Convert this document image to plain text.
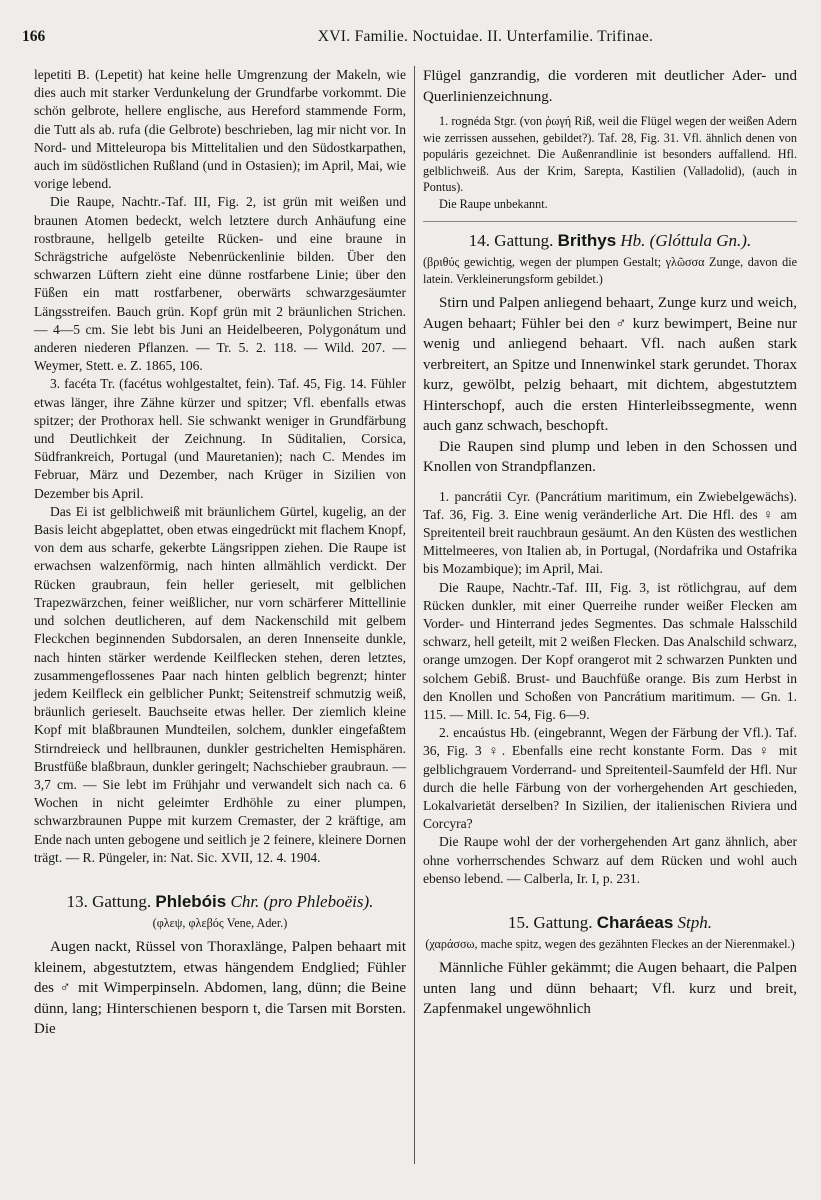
166	XVI. Familie. Noctuidae. II. Unterfamilie. Trifinae.

lepetiti B. (Lepetit) hat keine helle Umgrenzung der Makeln, wie dies auch mit starker Verdunkelung der Grundfarbe vorkommt. Die schön gelbrote, hellere englische, aus Hereford stammende Form, die Tutt als ab. rufa (die Gelbrote) beschrieben, lag mir nicht vor. In Nord- und Mitteleuropa bis Mittelitalien und den Südostkarpathen, auch im südöstlichen Rußland (und in Ostasien); im April, Mai, wie vorige lebend.

Die Raupe, Nachtr.-Taf. III, Fig. 2, ist grün mit weißen und braunen Atomen bedeckt, welch letztere durch Anhäufung eine rostbraune, hellgelb geteilte Rücken- und eine braune in Schrägstriche aufgelöste Nebenrückenlinie bilden. Über den schwarzen Lüftern zieht eine dünne rostfarbene Linie; über den Füßen ein matt rostfarbener, oberwärts schwarzgesäumter Längsstreifen. Bauch grün. Kopf grün mit 2 bräunlichen Strichen. — 4—5 cm. Sie lebt bis Juni an Heidelbeeren, Polygonátum und anderen niederen Pflanzen. — Tr. 5. 2. 118. — Wild. 207. — Weymer, Stett. e. Z. 1865, 106.

3. facéta Tr. (facétus wohlgestaltet, fein). Taf. 45, Fig. 14. Fühler etwas länger, ihre Zähne kürzer und spitzer; Vfl. ebenfalls etwas spitzer; der Prothorax hell. Sie schwankt weniger in Grundfärbung und Deutlichkeit der Zeichnung. In Süditalien, Corsica, Südfrankreich, Portugal (und Mauretanien); nach C. Mendes im Februar, März und Dezember, nach Krüger in Sizilien von Dezember bis April.

Das Ei ist gelblichweiß mit bräunlichem Gürtel, kugelig, an der Basis leicht abgeplattet, oben etwas eingedrückt mit flachem Knopf, von dem aus scharfe, gekerbte Längsrippen ziehen. Die Raupe ist erwachsen walzenförmig, nach hinten allmählich verdickt. Der Rücken graubraun, fein heller gerieselt, mit gelblichen Trapezwärzchen, feiner weißlicher, nur vorn schärferer Mittellinie und solchen deutlicheren, auf dem Nackenschild mit gelbem Fleckchen beginnenden Subdorsalen, an deren Innenseite dunkle, nach hinten stärker werdende Keilflecken stehen, deren letztes, zusammengeflossenes Paar nach hinten gelblich begrenzt; hinter jedem Keilfleck ein gelblicher Punkt; Seitenstreif schmutzig weiß, bräunlich gerieselt. Bauchseite etwas heller. Der ziemlich kleine Kopf mit blaßbraunen Mundteilen, solchem, dunkler eingefaßtem Stirndreieck und hellbraunen, dunkler gestrichelten Hemisphären. Brustfüße blaßbraun, dunkler geringelt; Nachschieber graubraun. — 3,7 cm. — Sie lebt im Frühjahr und verwandelt sich nach ca. 6 Wochen in nicht geleimter Erdhöhle zu einer plumpen, schwarzbraunen Puppe mit kurzem Cremaster, der 2 kräftige, am Ende nach unten gebogene und seitlich je 2 feinere, kleinere Dornen trägt. — R. Püngeler, in: Nat. Sic. XVII, 12. 4. 1904.

13. Gattung. Phlebóis Chr. (pro Phleboëis).

(φλεψ, φλεβός Vene, Ader.)

Augen nackt, Rüssel von Thoraxlänge, Palpen behaart mit kleinem, abgestutztem, etwas hängendem Endglied; Fühler des ♂ mit Wimperpinseln. Abdomen, lang, dünn; die Beine dünn, lang; Hinterschienen besporn t, die Tarsen mit Borsten. Die

Flügel ganzrandig, die vorderen mit deutlicher Ader- und Querlinienzeichnung.

1. rognéda Stgr. (von ῥωγή Riß, weil die Flügel wegen der weißen Adern wie zerrissen aussehen, gebildet?). Taf. 28, Fig. 31. Vfl. ähnlich denen von populáris gezeichnet. Die Außenrandlinie ist besonders auffallend. Hfl. gelblichweiß. Aus der Krim, Sarepta, Kastilien (Valladolid), (auch in Pontus).

Die Raupe unbekannt.

14. Gattung. Brithys Hb. (Glóttula Gn.).

(βριθύς gewichtig, wegen der plumpen Gestalt; γλῶσσα Zunge, davon die latein. Verkleinerungsform gebildet.)

Stirn und Palpen anliegend behaart, Zunge kurz und weich, Augen behaart; Fühler bei den ♂ kurz bewimpert, Beine nur wenig und anliegend behaart. Vfl. nach außen stark verbreitert, an Spitze und Innenwinkel stark gerundet. Thorax kurz, gewölbt, pelzig behaart, mit dichtem, abgestutztem Hinterschopf, auch die ersten Hinterleibssegmente, wenn auch ganz schwach, beschopft.

Die Raupen sind plump und leben in den Schossen und Knollen von Strandpflanzen.

1. pancrátii Cyr. (Pancrátium maritimum, ein Zwiebelgewächs). Taf. 36, Fig. 3. Eine wenig veränderliche Art. Die Hfl. des ♀ am Spreitenteil breit rauchbraun gesäumt. An den Küsten des westlichen Mittelmeeres, von Italien ab, in Portugal, (Nordafrika und Ostafrika bis Mozambique); im April, Mai.

Die Raupe, Nachtr.-Taf. III, Fig. 3, ist rötlichgrau, auf dem Rücken dunkler, mit einer Querreihe runder weißer Flecken am Vorder- und Hinterrand jedes Segmentes. Das schmale Halsschild schwarz, hell geteilt, mit 2 weißen Flecken. Das Analschild schwarz, orange umzogen. Der Kopf orangerot mit 2 schwarzen Punkten und solchem Gebiß. Brust- und Bauchfüße orange. Bis zum Herbst in den Knollen und Schoßen von Pancrátium maritimum. — Gn. 1. 115. — Mill. Ic. 54, Fig. 6—9.

2. encaústus Hb. (eingebrannt, Wegen der Färbung der Vfl.). Taf. 36, Fig. 3 ♀. Ebenfalls eine recht konstante Form. Das ♀ mit gelblichgrauem Vorderrand- und Spreitenteil-Saumfeld der Hfl. Nur durch die helle Färbung von der vorhergehenden Art geschieden, Lokalvarietät derselben? In Sizilien, der italienischen Riviera und Corcyra?

Die Raupe wohl der der vorhergehenden Art ganz ähnlich, aber ohne vorherrschendes Schwarz auf dem Rücken und wohl auch ebenso lebend. — Calberla, Ir. I, p. 231.

15. Gattung. Charáeas Stph.

(χαράσσω, mache spitz, wegen des gezähnten Fleckes an der Nierenmakel.)

Männliche Fühler gekämmt; die Augen behaart, die Palpen unten lang und dünn behaart; Vfl. kurz und breit, Zapfenmakel ungewöhnlich
